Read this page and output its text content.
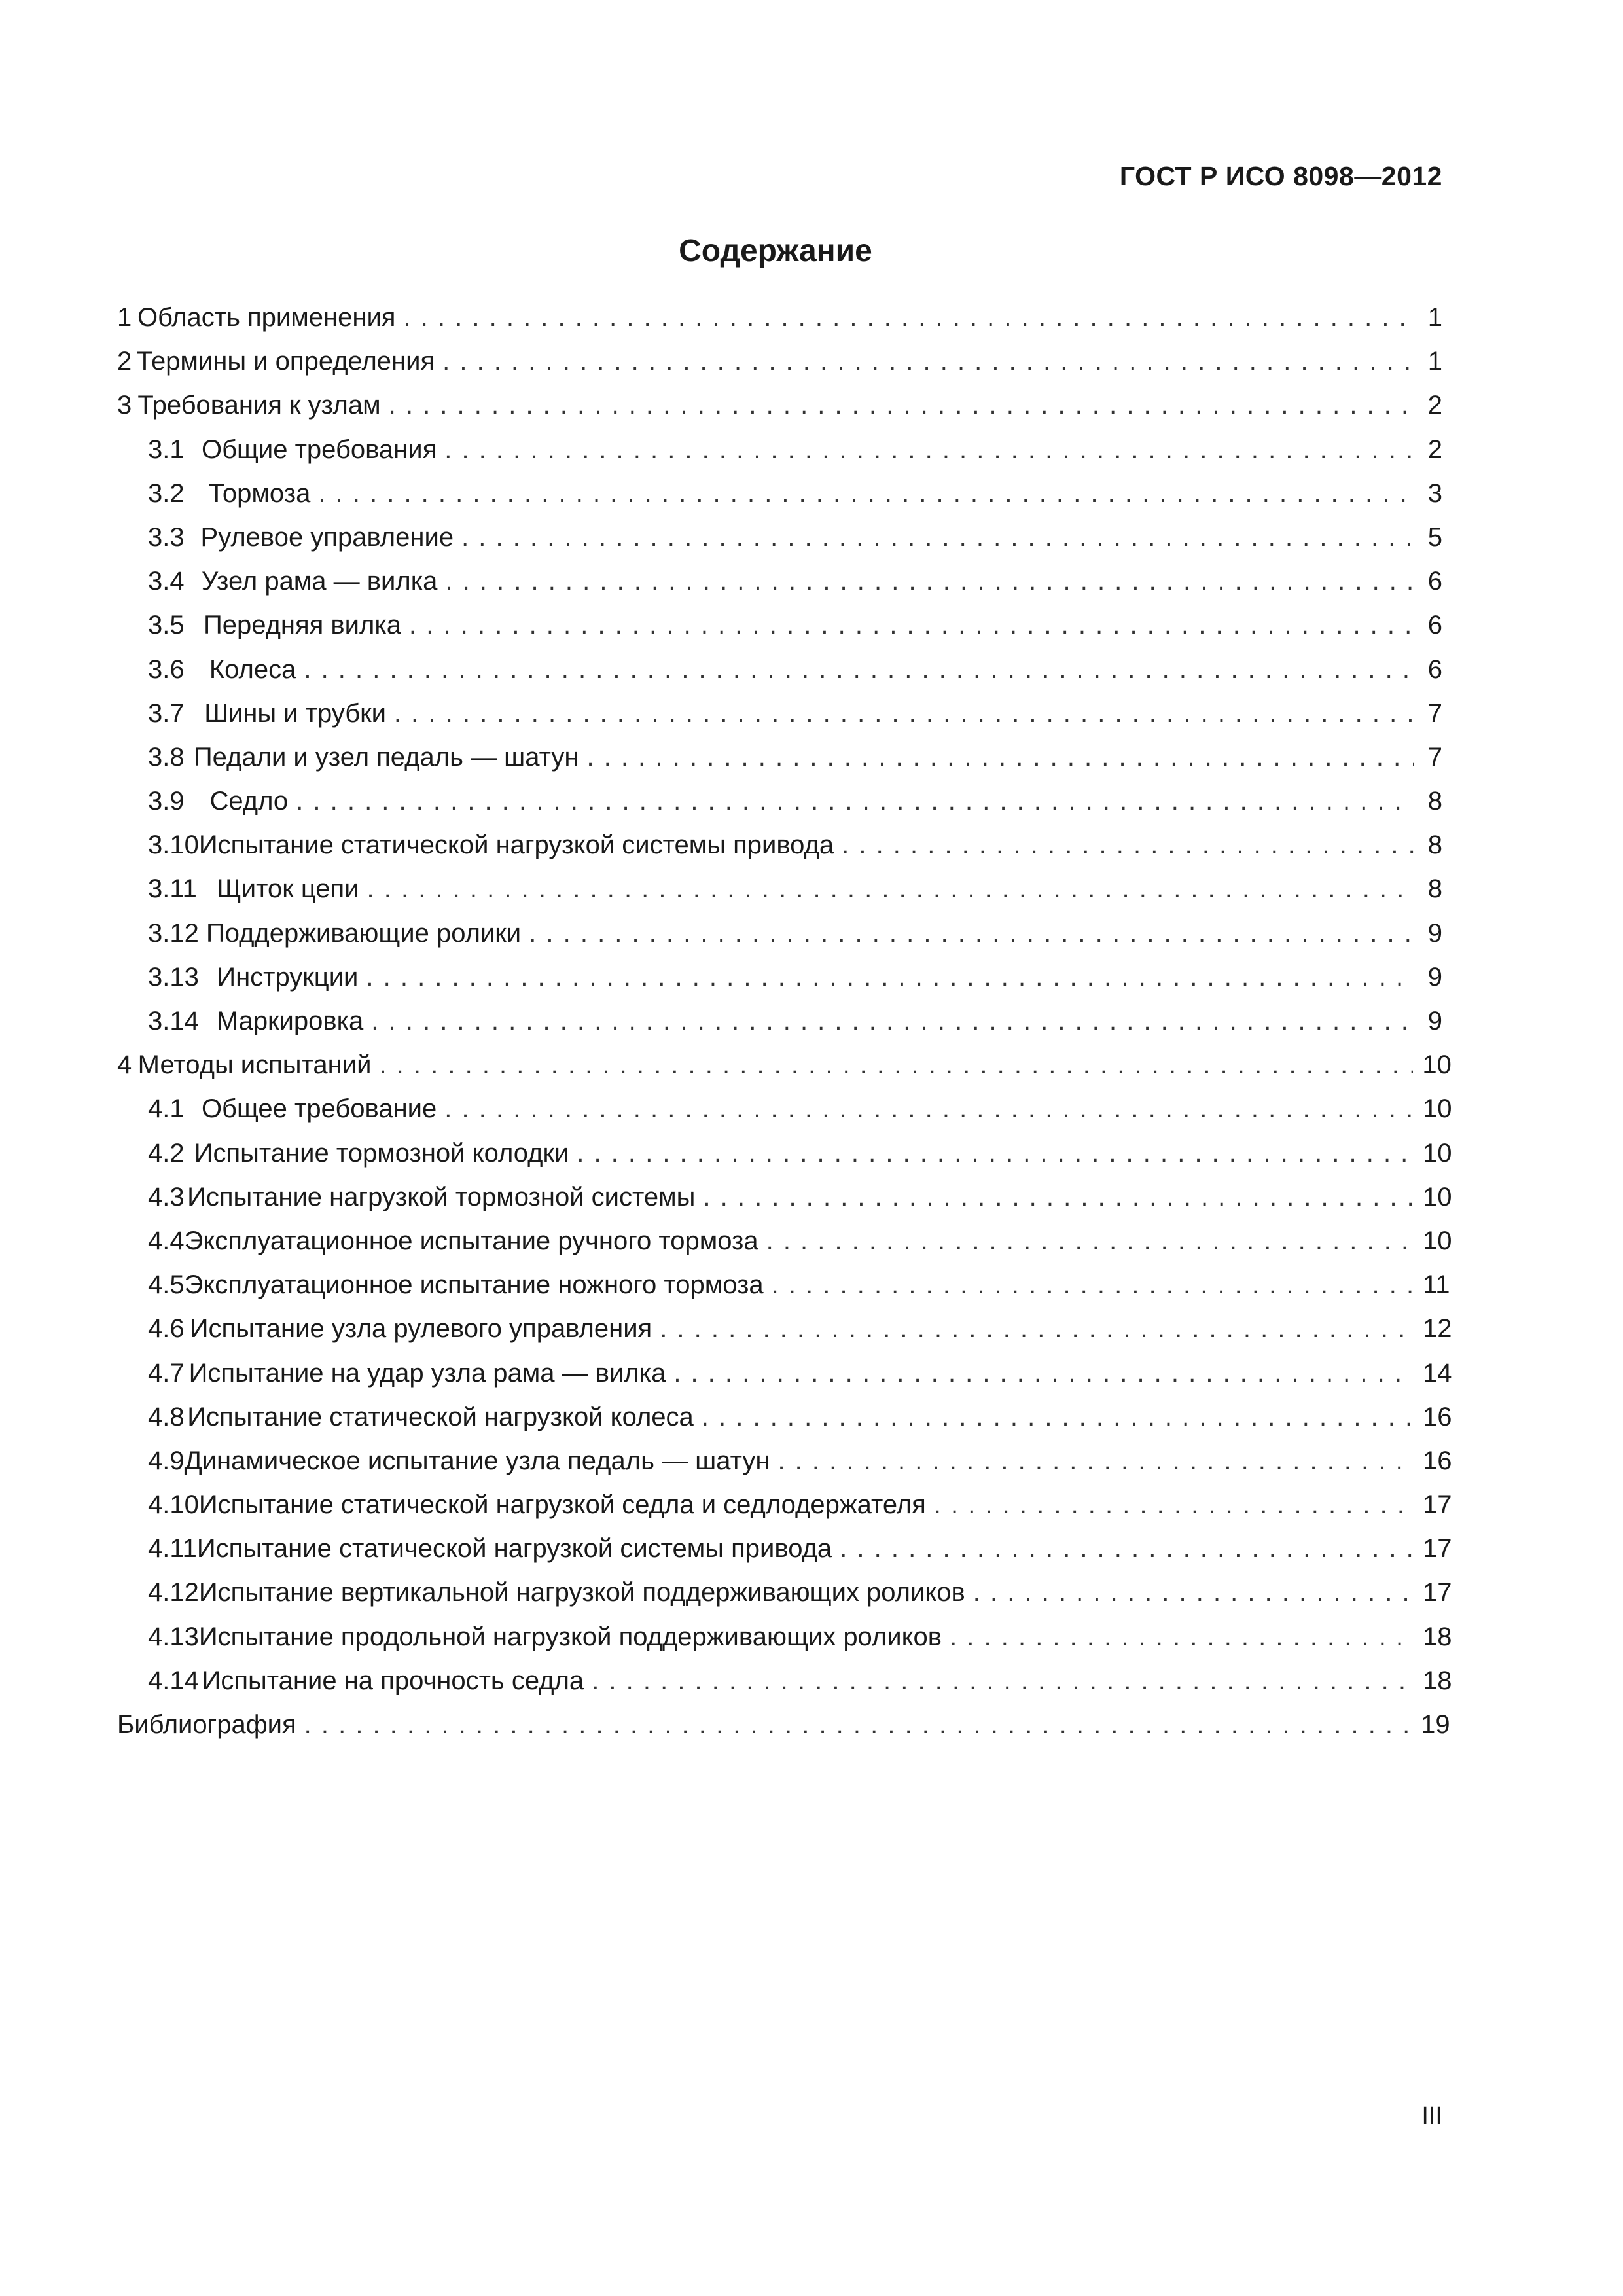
ГОСТ Р ИСО 8098—2012
Содержание
1 Область применения . . .	1
2 Термины и определения . . .	1
3 Требования к узлам . . .	2
3.1 Общие требования . . .	2
3.2 Тормоза . . .	3
3.3 Рулевое управление . . .	5
3.4 Узел рама — вилка . . .	6
3.5 Передняя вилка . . .	6
3.6 Колеса . . .	6
3.7 Шины и трубки . . .	7
3.8 Педали и узел педаль — шатун . . .	7
3.9 Седло . . .	8
3.10 Испытание статической нагрузкой системы привода . . .	8
3.11 Щиток цепи . . .	8
3.12 Поддерживающие ролики . . .	9
3.13 Инструкции . . .	9
3.14 Маркировка . . .	9
4 Методы испытаний . . .	10
4.1 Общее требование . . .	10
4.2 Испытание тормозной колодки . . .	10
4.3 Испытание нагрузкой тормозной системы . . .	10
4.4 Эксплуатационное испытание ручного тормоза . . .	10
4.5 Эксплуатационное испытание ножного тормоза . . .	11
4.6 Испытание узла рулевого управления . . .	12
4.7 Испытание на удар узла рама — вилка . . .	14
4.8 Испытание статической нагрузкой колеса . . .	16
4.9 Динамическое испытание узла педаль — шатун . . .	16
4.10 Испытание статической нагрузкой седла и седлодержателя . . .	17
4.11 Испытание статической нагрузкой системы привода . . .	17
4.12 Испытание вертикальной нагрузкой поддерживающих роликов . . .	17
4.13 Испытание продольной нагрузкой поддерживающих роликов . . .	18
4.14 Испытание на прочность седла . . .	18
Библиография . . .	19
III
